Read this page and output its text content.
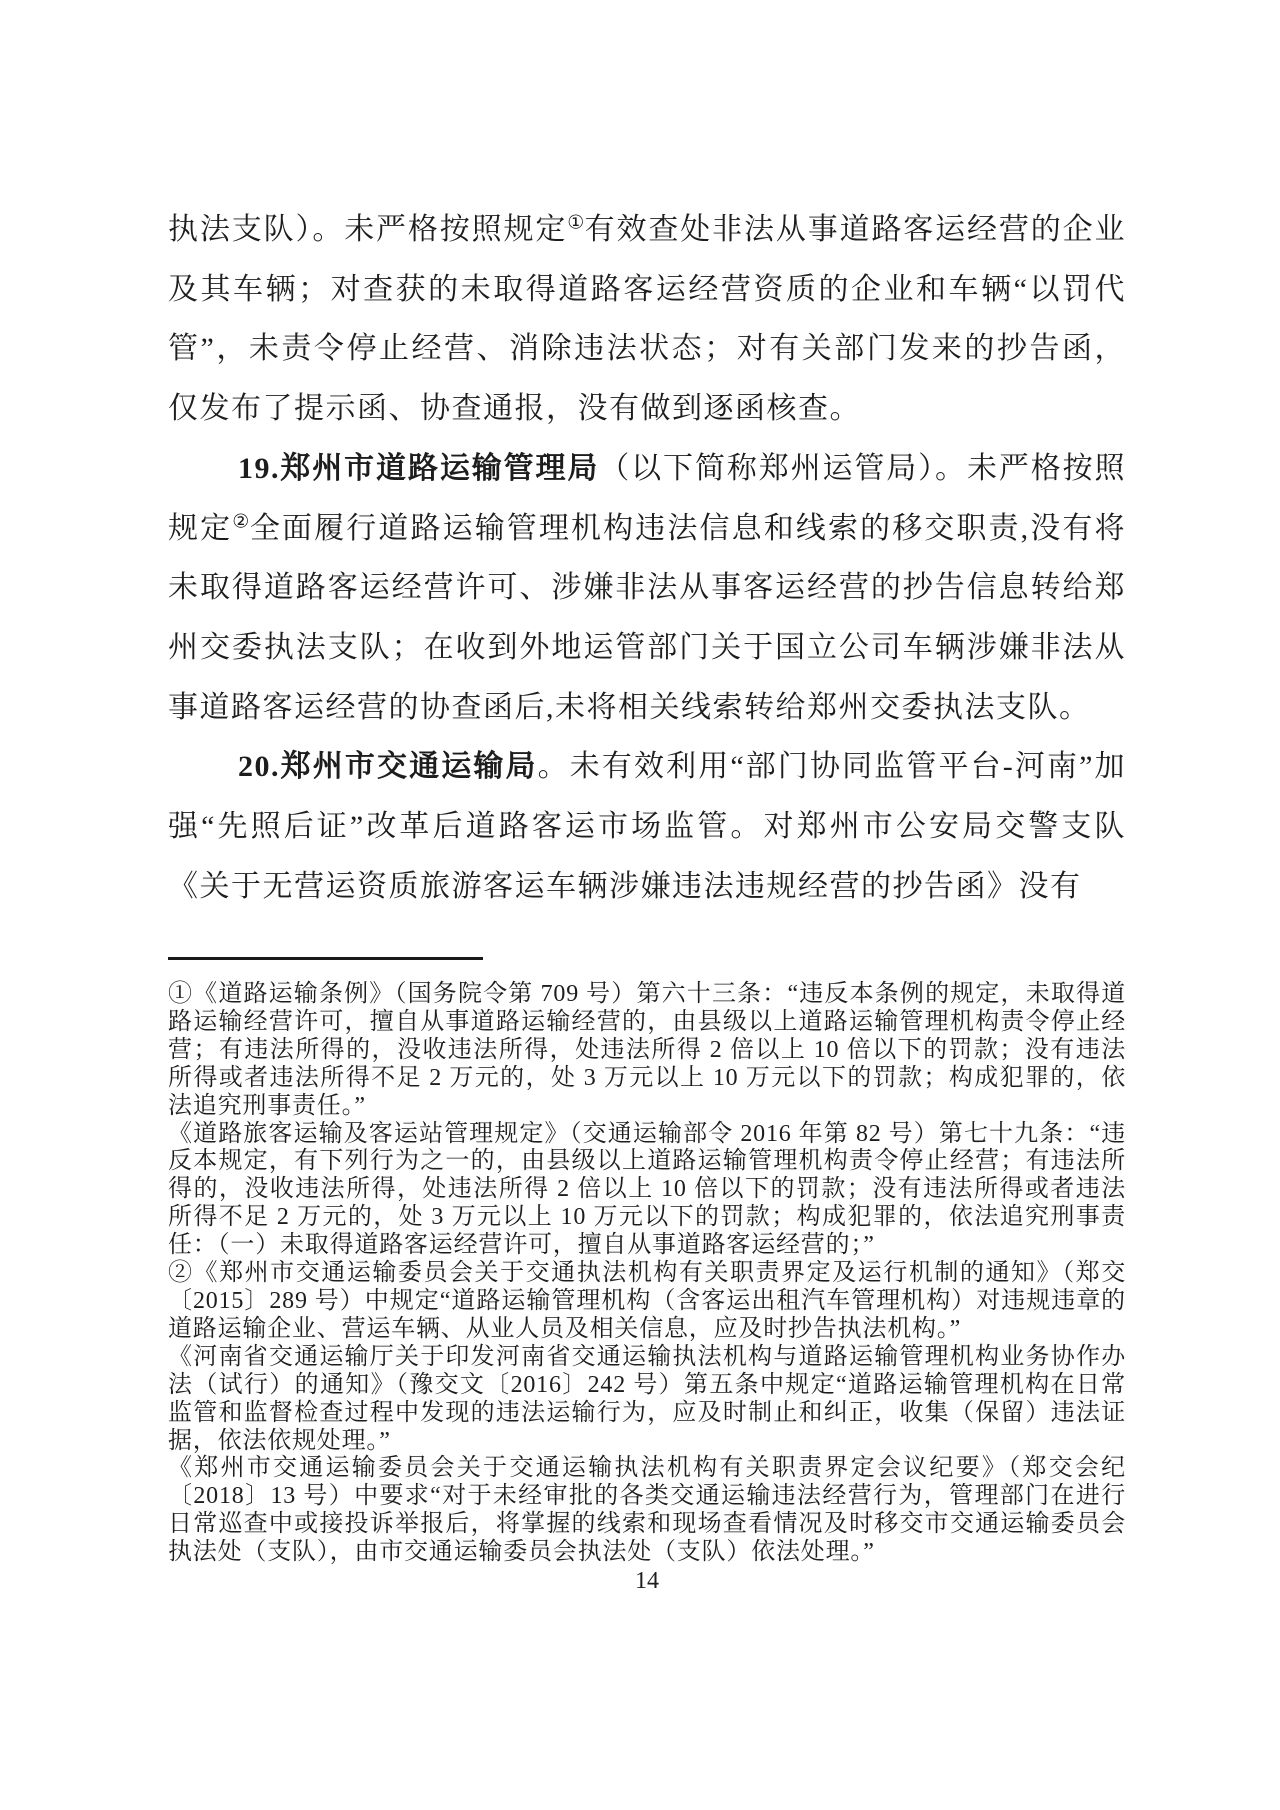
执法支队）。未严格按照规定①有效查处非法从事道路客运经营的企业及其车辆；对查获的未取得道路客运经营资质的企业和车辆“以罚代管”，未责令停止经营、消除违法状态；对有关部门发来的抄告函，仅发布了提示函、协查通报，没有做到逐函核查。

19.郑州市道路运输管理局（以下简称郑州运管局）。未严格按照规定②全面履行道路运输管理机构违法信息和线索的移交职责,没有将未取得道路客运经营许可、涉嫌非法从事客运经营的抄告信息转给郑州交委执法支队；在收到外地运管部门关于国立公司车辆涉嫌非法从事道路客运经营的协查函后,未将相关线索转给郑州交委执法支队。

20.郑州市交通运输局。未有效利用“部门协同监管平台-河南”加强“先照后证”改革后道路客运市场监管。对郑州市公安局交警支队《关于无营运资质旅游客运车辆涉嫌违法违规经营的抄告函》没有

①《道路运输条例》（国务院令第 709 号）第六十三条：“违反本条例的规定，未取得道路运输经营许可，擅自从事道路运输经营的，由县级以上道路运输管理机构责令停止经营；有违法所得的，没收违法所得，处违法所得 2 倍以上 10 倍以下的罚款；没有违法所得或者违法所得不足 2 万元的，处 3 万元以上 10 万元以下的罚款；构成犯罪的，依法追究刑事责任。”

《道路旅客运输及客运站管理规定》（交通运输部令 2016 年第 82 号）第七十九条：“违反本规定，有下列行为之一的，由县级以上道路运输管理机构责令停止经营；有违法所得的，没收违法所得，处违法所得 2 倍以上 10 倍以下的罚款；没有违法所得或者违法所得不足 2 万元的，处 3 万元以上 10 万元以下的罚款；构成犯罪的，依法追究刑事责任：（一）未取得道路客运经营许可，擅自从事道路客运经营的；”

②《郑州市交通运输委员会关于交通执法机构有关职责界定及运行机制的通知》（郑交〔2015〕289 号）中规定“道路运输管理机构（含客运出租汽车管理机构）对违规违章的道路运输企业、营运车辆、从业人员及相关信息，应及时抄告执法机构。”

《河南省交通运输厅关于印发河南省交通运输执法机构与道路运输管理机构业务协作办法（试行）的通知》（豫交文〔2016〕242 号）第五条中规定“道路运输管理机构在日常监管和监督检查过程中发现的违法运输行为，应及时制止和纠正，收集（保留）违法证据，依法依规处理。”

《郑州市交通运输委员会关于交通运输执法机构有关职责界定会议纪要》（郑交会纪〔2018〕13 号）中要求“对于未经审批的各类交通运输违法经营行为，管理部门在进行日常巡查中或接投诉举报后，将掌握的线索和现场查看情况及时移交市交通运输委员会执法处（支队），由市交通运输委员会执法处（支队）依法处理。”

14
